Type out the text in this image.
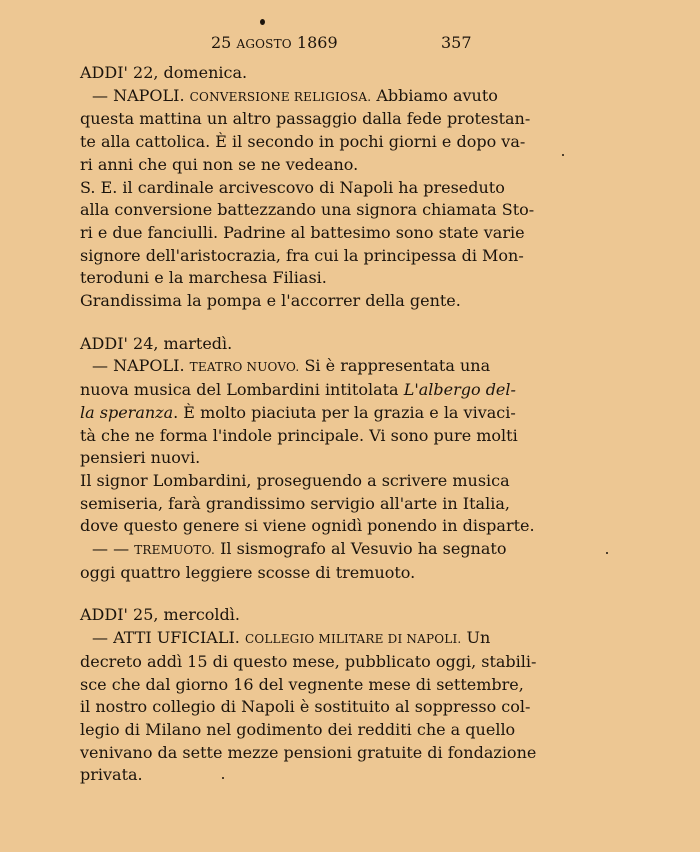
25 AGOSTO 1869	357
ADDI' 22, domenica.
— NAPOLI. CONVERSIONE RELIGIOSA. Abbiamo avuto
questa mattina un altro passaggio dalla fede protestan-
te alla cattolica. È il secondo in pochi giorni e dopo va-
ri anni che qui non se ne vedeano.
S. E. il cardinale arcivescovo di Napoli ha preseduto
alla conversione battezzando una signora chiamata Sto-
ri e due fanciulli. Padrine al battesimo sono state varie
signore dell'aristocrazia, fra cui la principessa di Mon-
teroduni e la marchesa Filiasi.
Grandissima la pompa e l'accorrer della gente.
ADDI' 24, martedì.
— NAPOLI. TEATRO NUOVO. Si è rappresentata una
nuova musica del Lombardini intitolata L'albergo del-
la speranza. È molto piaciuta per la grazia e la vivaci-
tà che ne forma l'indole principale. Vi sono pure molti
pensieri nuovi.
Il signor Lombardini, proseguendo a scrivere musica
semiseria, farà grandissimo servigio all'arte in Italia,
dove questo genere si viene ognidì ponendo in disparte.
— — TREMUOTO. Il sismografo al Vesuvio ha segnato
oggi quattro leggiere scosse di tremuoto.
ADDI' 25, mercoldì.
— ATTI UFICIALI. COLLEGIO MILITARE DI NAPOLI. Un
decreto addì 15 di questo mese, pubblicato oggi, stabili-
sce che dal giorno 16 del vegnente mese di settembre,
il nostro collegio di Napoli è sostituito al soppresso col-
legio di Milano nel godimento dei redditi che a quello
venivano da sette mezze pensioni gratuite di fondazione
privata.
